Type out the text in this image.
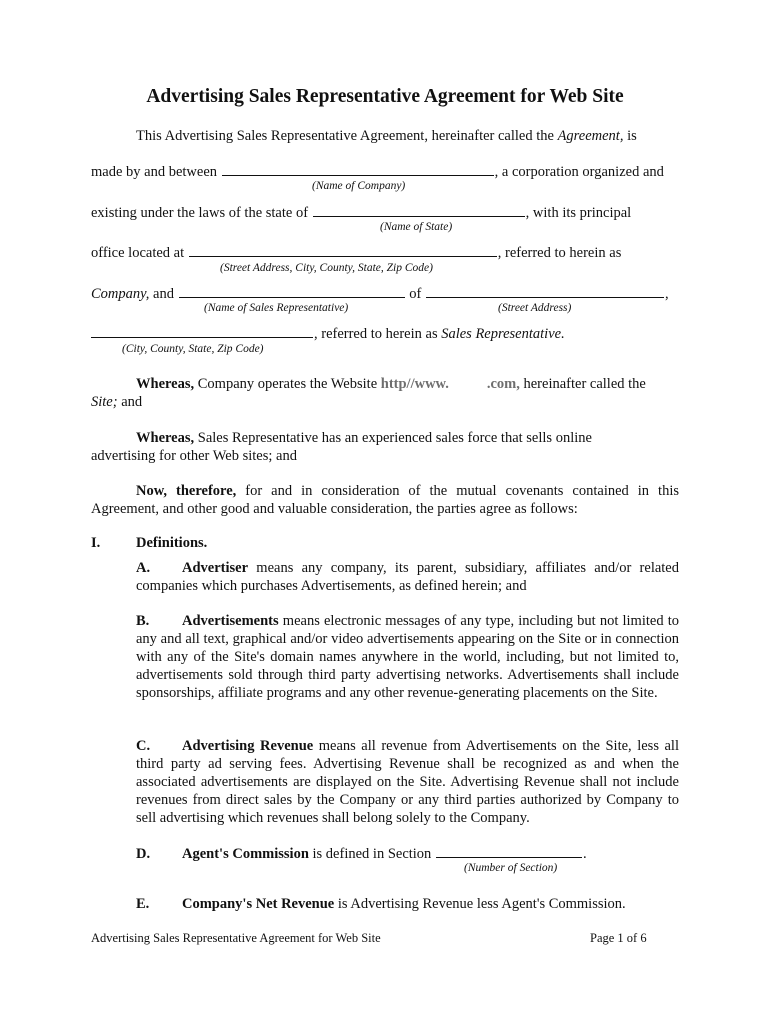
Advertising Sales Representative Agreement for Web Site
This Advertising Sales Representative Agreement, hereinafter called the Agreement, is
made by and between	, a corporation organized and
(Name of Company)
existing under the laws of the state of	, with its principal
(Name of State)
office located at	, referred to herein as
(Street Address, City, County, State, Zip Code)
Company, and	of	,
(Name of Sales Representative)	(Street Address)
, referred to herein as Sales Representative.
(City, County, State, Zip Code)
Whereas, Company operates the Website http//www.	.com, hereinafter called the
Site; and
Whereas, Sales Representative has an experienced sales force that sells online
advertising for other Web sites; and
Now, therefore, for and in consideration of the mutual covenants contained in this Agreement, and other good and valuable consideration, the parties agree as follows:
I. Definitions.
A. Advertiser means any company, its parent, subsidiary, affiliates and/or related companies which purchases Advertisements, as defined herein; and
B. Advertisements means electronic messages of any type, including but not limited to any and all text, graphical and/or video advertisements appearing on the Site or in connection with any of the Site's domain names anywhere in the world, including, but not limited to, advertisements sold through third party advertising networks. Advertisements shall include sponsorships, affiliate programs and any other revenue-generating placements on the Site.
C. Advertising Revenue means all revenue from Advertisements on the Site, less all third party ad serving fees. Advertising Revenue shall be recognized as and when the associated advertisements are displayed on the Site. Advertising Revenue shall not include revenues from direct sales by the Company or any third parties authorized by Company to sell advertising which revenues shall belong solely to the Company.
D. Agent's Commission is defined in Section	.
(Number of Section)
E. Company's Net Revenue is Advertising Revenue less Agent's Commission.
Advertising Sales Representative Agreement for Web Site	Page 1 of 6
